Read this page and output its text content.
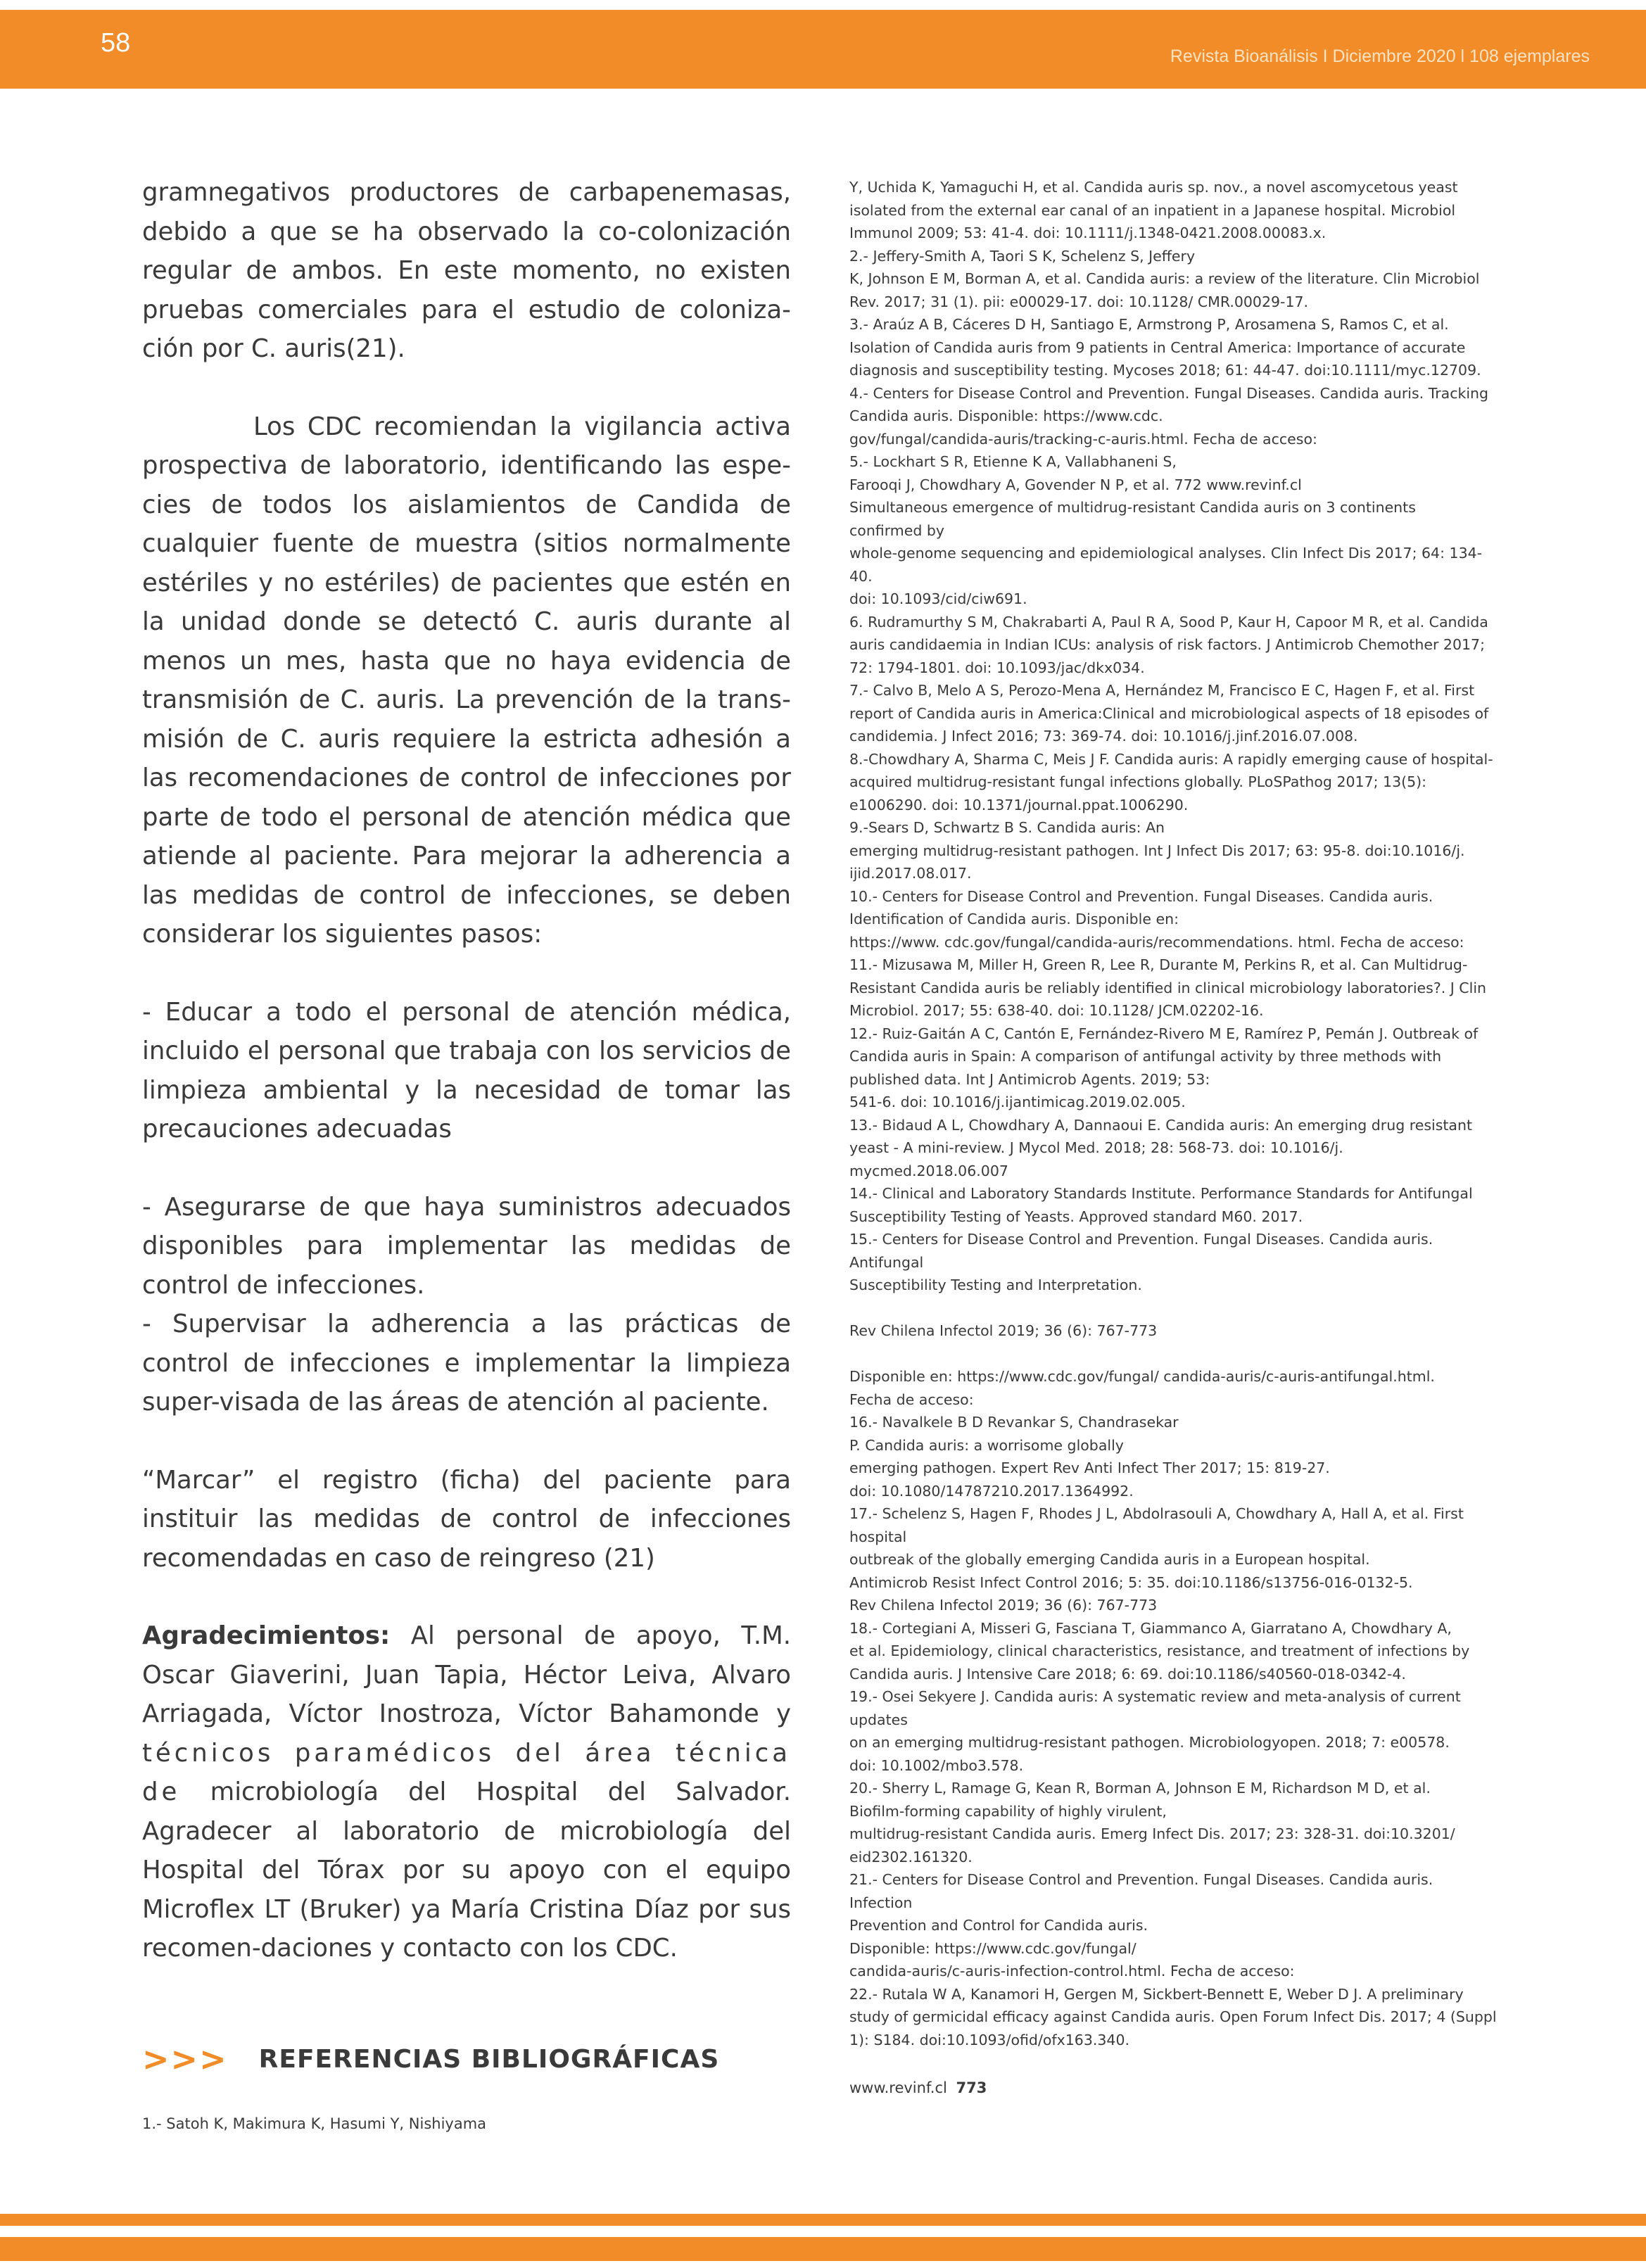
58	Revista Bioanálisis I Diciembre 2020 l 108 ejemplares

gramnegativos productores de carbapenemasas, debido a que se ha observado la co-colonización regular de ambos. En este momento, no existen pruebas comerciales para el estudio de coloniza-ción por C. auris(21).

Los CDC recomiendan la vigilancia activa prospectiva de laboratorio, identificando las espe-cies de todos los aislamientos de Candida de cualquier fuente de muestra (sitios normalmente estériles y no estériles) de pacientes que estén en la unidad donde se detectó C. auris durante al menos un mes, hasta que no haya evidencia de transmisión de C. auris. La prevención de la trans-misión de C. auris requiere la estricta adhesión a las recomendaciones de control de infecciones por parte de todo el personal de atención médica que atiende al paciente. Para mejorar la adherencia a las medidas de control de infecciones, se deben considerar los siguientes pasos:

- Educar a todo el personal de atención médica, incluido el personal que trabaja con los servicios de limpieza ambiental y la necesidad de tomar las precauciones adecuadas

- Asegurarse de que haya suministros adecuados disponibles para implementar las medidas de control de infecciones.

- Supervisar la adherencia a las prácticas de control de infecciones e implementar la limpieza super-visada de las áreas de atención al paciente.

“Marcar” el registro (ficha) del paciente para instituir las medidas de control de infecciones recomendadas en caso de reingreso (21)

Agradecimientos: Al personal de apoyo, T.M. Oscar Giaverini, Juan Tapia, Héctor Leiva, Alvaro Arriagada, Víctor Inostroza, Víctor Bahamonde y técnicos paramédicos del área técnica de microbiología del Hospital del Salvador. Agradecer al laboratorio de microbiología del Hospital del Tórax por su apoyo con el equipo Microflex LT (Bruker) ya María Cristina Díaz por sus recomen-daciones y contacto con los CDC.

>>> REFERENCIAS BIBLIOGRÁFICAS
1.- Satoh K, Makimura K, Hasumi Y, Nishiyama
Y, Uchida K, Yamaguchi H, et al. Candida auris sp. nov., a novel ascomycetous yeast
isolated from the external ear canal of an inpatient in a Japanese hospital. Microbiol
Immunol 2009; 53: 41-4. doi: 10.1111/j.1348-0421.2008.00083.x.
2.- Jeffery-Smith A, Taori S K, Schelenz S, Jeffery
K, Johnson E M, Borman A, et al. Candida auris: a review of the literature. Clin Microbiol
Rev. 2017; 31 (1). pii: e00029-17. doi: 10.1128/ CMR.00029-17.
3.- Araúz A B, Cáceres D H, Santiago E, Armstrong P, Arosamena S, Ramos C, et al.
Isolation of Candida auris from 9 patients in Central America: Importance of accurate
diagnosis and susceptibility testing. Mycoses 2018; 61: 44-47. doi:10.1111/myc.12709.
4.- Centers for Disease Control and Prevention. Fungal Diseases. Candida auris. Tracking
Candida auris. Disponible: https://www.cdc.
gov/fungal/candida-auris/tracking-c-auris.html. Fecha de acceso:
5.- Lockhart S R, Etienne K A, Vallabhaneni S,
Farooqi J, Chowdhary A, Govender N P, et al. 772 www.revinf.cl
Simultaneous emergence of multidrug-resistant Candida auris on 3 continents
confirmed by
whole-genome sequencing and epidemiological analyses. Clin Infect Dis 2017; 64: 134-
40.
doi: 10.1093/cid/ciw691.
6. Rudramurthy S M, Chakrabarti A, Paul R A, Sood P, Kaur H, Capoor M R, et al. Candida
auris candidaemia in Indian ICUs: analysis of risk factors. J Antimicrob Chemother 2017;
72: 1794-1801. doi: 10.1093/jac/dkx034.
7.- Calvo B, Melo A S, Perozo-Mena A, Hernández M, Francisco E C, Hagen F, et al. First
report of Candida auris in America:Clinical and microbiological aspects of 18 episodes of
candidemia. J Infect 2016; 73: 369-74. doi: 10.1016/j.jinf.2016.07.008.
8.-Chowdhary A, Sharma C, Meis J F. Candida auris: A rapidly emerging cause of hospital-
acquired multidrug-resistant fungal infections globally. PLoSPathog 2017; 13(5):
e1006290. doi: 10.1371/journal.ppat.1006290.
9.-Sears D, Schwartz B S. Candida auris: An
emerging multidrug-resistant pathogen. Int J Infect Dis 2017; 63: 95-8. doi:10.1016/j.
ijid.2017.08.017.
10.- Centers for Disease Control and Prevention. Fungal Diseases. Candida auris.
Identification of Candida auris. Disponible en:
https://www. cdc.gov/fungal/candida-auris/recommendations. html. Fecha de acceso:
11.- Mizusawa M, Miller H, Green R, Lee R, Durante M, Perkins R, et al. Can Multidrug-
Resistant Candida auris be reliably identified in clinical microbiology laboratories?. J Clin
Microbiol. 2017; 55: 638-40. doi: 10.1128/ JCM.02202-16.
12.- Ruiz-Gaitán A C, Cantón E, Fernández-Rivero M E, Ramírez P, Pemán J. Outbreak of
Candida auris in Spain: A comparison of antifungal activity by three methods with
published data. Int J Antimicrob Agents. 2019; 53:
541-6. doi: 10.1016/j.ijantimicag.2019.02.005.
13.- Bidaud A L, Chowdhary A, Dannaoui E. Candida auris: An emerging drug resistant
yeast - A mini-review. J Mycol Med. 2018; 28: 568-73. doi: 10.1016/j.
mycmed.2018.06.007
14.- Clinical and Laboratory Standards Institute. Performance Standards for Antifungal
Susceptibility Testing of Yeasts. Approved standard M60. 2017.
15.- Centers for Disease Control and Prevention. Fungal Diseases. Candida auris.
Antifungal
Susceptibility Testing and Interpretation.
Rev Chilena Infectol 2019; 36 (6): 767-773
Disponible en: https://www.cdc.gov/fungal/ candida-auris/c-auris-antifungal.html.
Fecha de acceso:
16.- Navalkele B D Revankar S, Chandrasekar
P. Candida auris: a worrisome globally
emerging pathogen. Expert Rev Anti Infect Ther 2017; 15: 819-27.
doi: 10.1080/14787210.2017.1364992.
17.- Schelenz S, Hagen F, Rhodes J L, Abdolrasouli A, Chowdhary A, Hall A, et al. First
hospital
outbreak of the globally emerging Candida auris in a European hospital.
Antimicrob Resist Infect Control 2016; 5: 35. doi:10.1186/s13756-016-0132-5.
Rev Chilena Infectol 2019; 36 (6): 767-773
18.- Cortegiani A, Misseri G, Fasciana T, Giammanco A, Giarratano A, Chowdhary A,
et al. Epidemiology, clinical characteristics, resistance, and treatment of infections by
Candida auris. J Intensive Care 2018; 6: 69. doi:10.1186/s40560-018-0342-4.
19.- Osei Sekyere J. Candida auris: A systematic review and meta-analysis of current
updates
on an emerging multidrug-resistant pathogen. Microbiologyopen. 2018; 7: e00578.
doi: 10.1002/mbo3.578.
20.- Sherry L, Ramage G, Kean R, Borman A, Johnson E M, Richardson M D, et al.
Biofilm-forming capability of highly virulent,
multidrug-resistant Candida auris. Emerg Infect Dis. 2017; 23: 328-31. doi:10.3201/
eid2302.161320.
21.- Centers for Disease Control and Prevention. Fungal Diseases. Candida auris.
Infection
Prevention and Control for Candida auris.
Disponible: https://www.cdc.gov/fungal/
candida-auris/c-auris-infection-control.html. Fecha de acceso:
22.- Rutala W A, Kanamori H, Gergen M, Sickbert-Bennett E, Weber D J. A preliminary
study of germicidal efficacy against Candida auris. Open Forum Infect Dis. 2017; 4 (Suppl
1): S184. doi:10.1093/ofid/ofx163.340.
www.revinf.cl 773
